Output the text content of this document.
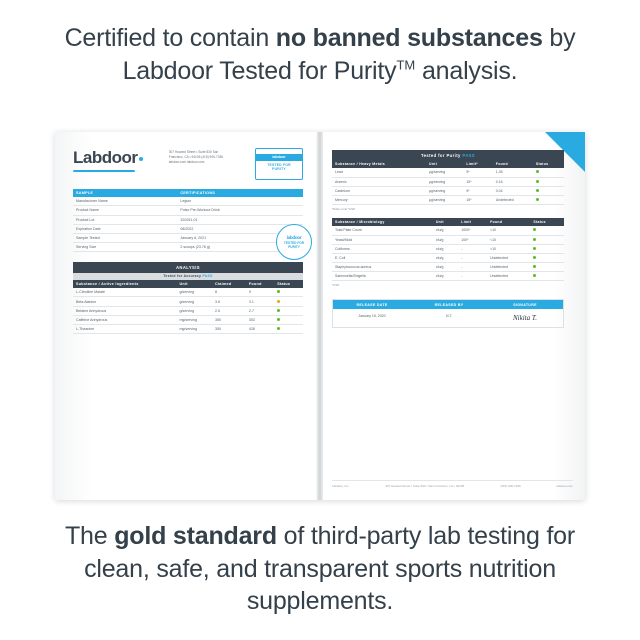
Certified to contain no banned substances by Labdoor Tested for Purity™ analysis.
Labdoor	307 Howard Street • Suite 830 San Francisco, CA • 94105 (415) 906-7336 labdoor.com labdoor.com
labdoor
TESTED FOR
PURITY
SAMPLE	CERTIFICATIONS
Manufacturer Name	Legion
Product Name	Pulse Pre-Workout Drink
Product Lot	320251-01
Expiration Date	08/2022
Sample Tested	January 6, 2021
Serving Size	2 scoops (23.76 g)
ANALYSIS
Tested for Accuracy PASS
Substance / Active Ingredients	Unit	Claimed	Found	Status
L-Citrulline Malate	g/serving	8	9	
Beta Alanine	g/serving	3.6	3.1	
Betaine Anhydrous	g/serving	2.5	2.7	
Caffeine Anhydrous	mg/serving	350	353	
L-Theanine	mg/serving	350	428	
labdoor
TESTED FOR
PURITY
Tested for Purity PASS
Substance / Heavy Metals	Unit	Limit*	Found	Status
Lead	µg/serving	5*	1.35	
Arsenic	µg/serving	15*	0.16	
Cadmium	µg/serving	5*	0.04	
Mercury	µg/serving	15*	Undetected	
*Daily Limit *USP
Substance / Microbiology	Unit	Limit	Found	Status
Total Plate Count	cfu/g	1000*	<10	
Yeast/Mold	cfu/g	100*	<10	
Coliforms	cfu/g	-	<10	
E. Coli	cfu/g	-	Undetected	
Staphylococcus aureus	cfu/g	-	Undetected	
Salmonella/Shigella	cfu/g	-	Undetected	
*USP
RELEASE DATE	RELEASED BY	SIGNATURE
January 15, 2020	N.T.	Nikita T.
Labdoor, Inc.	307 Howard Street • Suite 830 • San Francisco, CA • 94105	(415) 906-7336	labdoor.com
The gold standard of third-party lab testing for clean, safe, and transparent sports nutrition supplements.
